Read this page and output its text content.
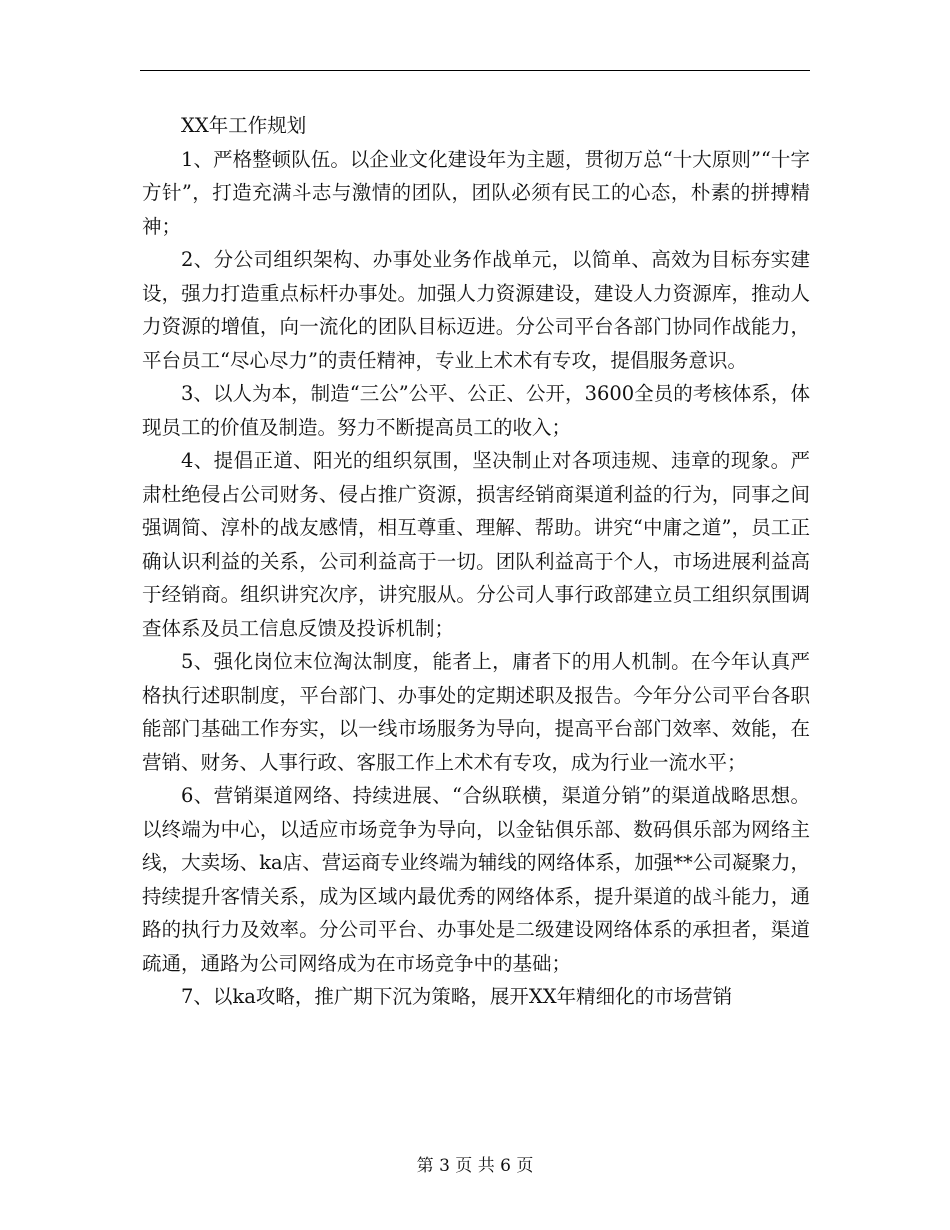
XX年工作规划

1、严格整顿队伍。以企业文化建设年为主题，贯彻万总“十大原则”“十字方针”，打造充满斗志与激情的团队，团队必须有民工的心态，朴素的拼搏精神；

2、分公司组织架构、办事处业务作战单元，以简单、高效为目标夯实建设，强力打造重点标杆办事处。加强人力资源建设，建设人力资源库，推动人力资源的增值，向一流化的团队目标迈进。分公司平台各部门协同作战能力，平台员工“尽心尽力”的责任精神，专业上术术有专攻，提倡服务意识。

3、以人为本，制造“三公”公平、公正、公开，3600全员的考核体系，体现员工的价值及制造。努力不断提高员工的收入；

4、提倡正道、阳光的组织氛围，坚决制止对各项违规、违章的现象。严肃杜绝侵占公司财务、侵占推广资源，损害经销商渠道利益的行为，同事之间强调简、淳朴的战友感情，相互尊重、理解、帮助。讲究“中庸之道”，员工正确认识利益的关系，公司利益高于一切。团队利益高于个人，市场进展利益高于经销商。组织讲究次序，讲究服从。分公司人事行政部建立员工组织氛围调查体系及员工信息反馈及投诉机制；

5、强化岗位末位淘汰制度，能者上，庸者下的用人机制。在今年认真严格执行述职制度，平台部门、办事处的定期述职及报告。今年分公司平台各职能部门基础工作夯实，以一线市场服务为导向，提高平台部门效率、效能，在营销、财务、人事行政、客服工作上术术有专攻，成为行业一流水平；

6、营销渠道网络、持续进展、“合纵联横，渠道分销”的渠道战略思想。以终端为中心，以适应市场竞争为导向，以金钻俱乐部、数码俱乐部为网络主线，大卖场、ka店、营运商专业终端为辅线的网络体系，加强**公司凝聚力，持续提升客情关系，成为区域内最优秀的网络体系，提升渠道的战斗能力，通路的执行力及效率。分公司平台、办事处是二级建设网络体系的承担者，渠道疏通，通路为公司网络成为在市场竞争中的基础；

7、以ka攻略，推广期下沉为策略，展开XX年精细化的市场营销

第 3 页 共 6 页
